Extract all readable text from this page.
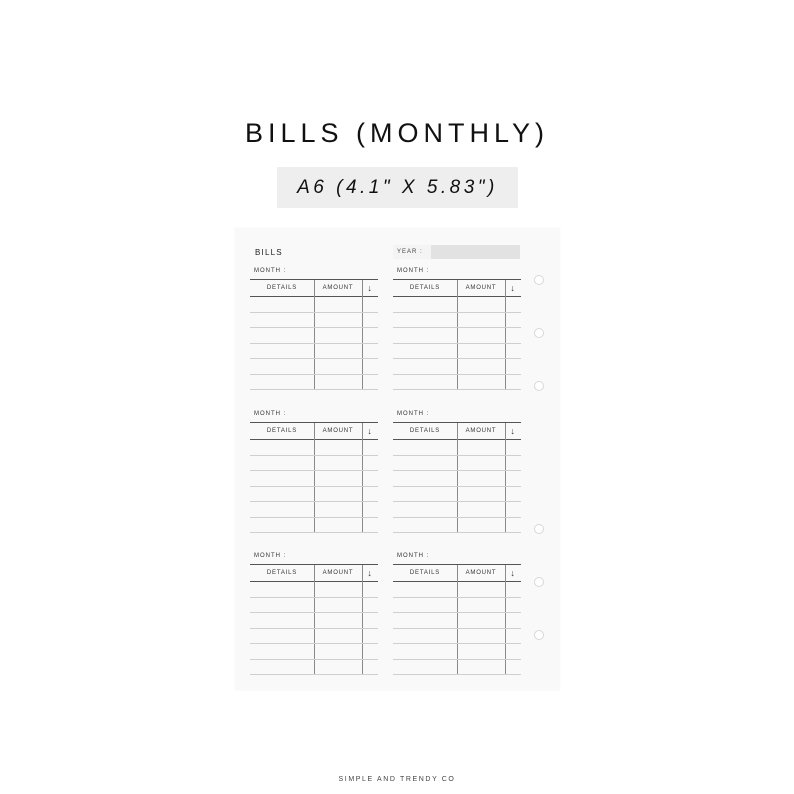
BILLS (MONTHLY)
A6 (4.1" X 5.83")
BILLS	YEAR :
MONTH :
DETAILS	AMOUNT	↓
MONTH :
DETAILS	AMOUNT	↓
MONTH :
DETAILS	AMOUNT	↓
MONTH :
DETAILS	AMOUNT	↓
MONTH :
DETAILS	AMOUNT	↓
MONTH :
DETAILS	AMOUNT	↓
SIMPLE AND TRENDY CO
